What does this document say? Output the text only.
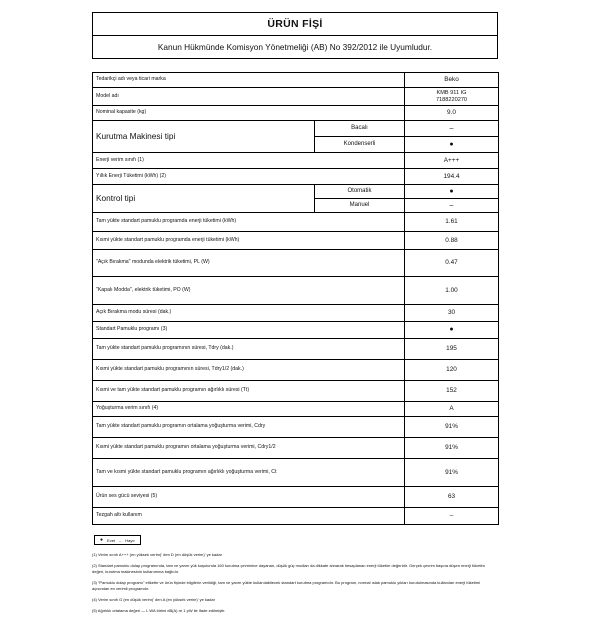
ÜRÜN FİŞİ
Kanun Hükmünde Komisyon Yönetmeliği (AB) No 392/2012 ile Uyumludur.
Tedarikçi adı veya ticari marka		Beko
Model adı		KMB 911 IG
7188220270
Nominal kapasite (kg)		9.0
Kurutma Makinesi tipi	Bacalı	–
	Kondenserli	●
Enerji verim sınıfı (1)		A+++
Yıllık Enerji Tüketimi (kWh) (2)		194.4
Kontrol tipi	Otomatik	●
	Manuel	–
Tam yükte standart pamuklu programda enerji tüketimi (kWh)		1.61
Kısmi yükte standart pamuklu programda enerji tüketimi (kWh)		0.88
"Açık Bırakma" modunda elektrik tüketimi, PL (W)		0.47
"Kapalı Modda", elektrik tüketimi, PO (W)		1.00
Açık Bırakma modu süresi (dak.)		30
Standart Pamuklu programı (3)		●
Tam yükte standart pamuklu programının süresi, Tdry (dak.)		195
Kısmi yükte standart pamuklu programının süresi, Tdry1/2 (dak.)		120
Kısmi ve tam yükte standart pamuklu programın ağırlıklı süresi (Tt)		152
Yoğuşturma verim sınıfı (4)		A
Tam yükte standart pamuklu programın ortalama yoğuşturma verimi, Cdry		91%
Kısmi yükte standart pamuklu programın ortalama yoğuşturma verimi, Cdry1/2		91%
Tam ve kısmi yükte standart pamuklu programın ağırlıklı yoğuşturma verimi, Ct		91%
Ürün ses gücü seviyesi (5)		63
Tezgah altı kullanım		–
● Evet – Hayır

(1) Verim sınıfı A+++ (en yüksek verim)' den D (en düşük verim)' ye kadar

(2) Standart pamuklu dolap programında, tam ve yarım yük koşulunda 160 kurutma çevrimine dayanan, düşük güç modları da dikkate alınarak hesaplanan enerji tüketim değeridir. Gerçek çevrim başına düşen enerji tüketim değeri, kurutma makinesinin kullanımına bağlıdır.

(3) "Pamuklu dolap programı" etikette ve ürün fişinde bilgilerin verildiği, tam ve yarım yükte kullanılabilecek standart kurutma programıdır. Bu program, normal ıslak pamuklu yıkları kurutulmasında kullanılan enerji tüketimi açısından en verimli programdır.

(4) Verim sınıfı G (en düşük verim)' den A (en yüksek verim)' ye kadar

(5) Ağırlıklı ortalama değeri — L WA birimi dB(A) re 1 pW ile ifade edilmiştir.
